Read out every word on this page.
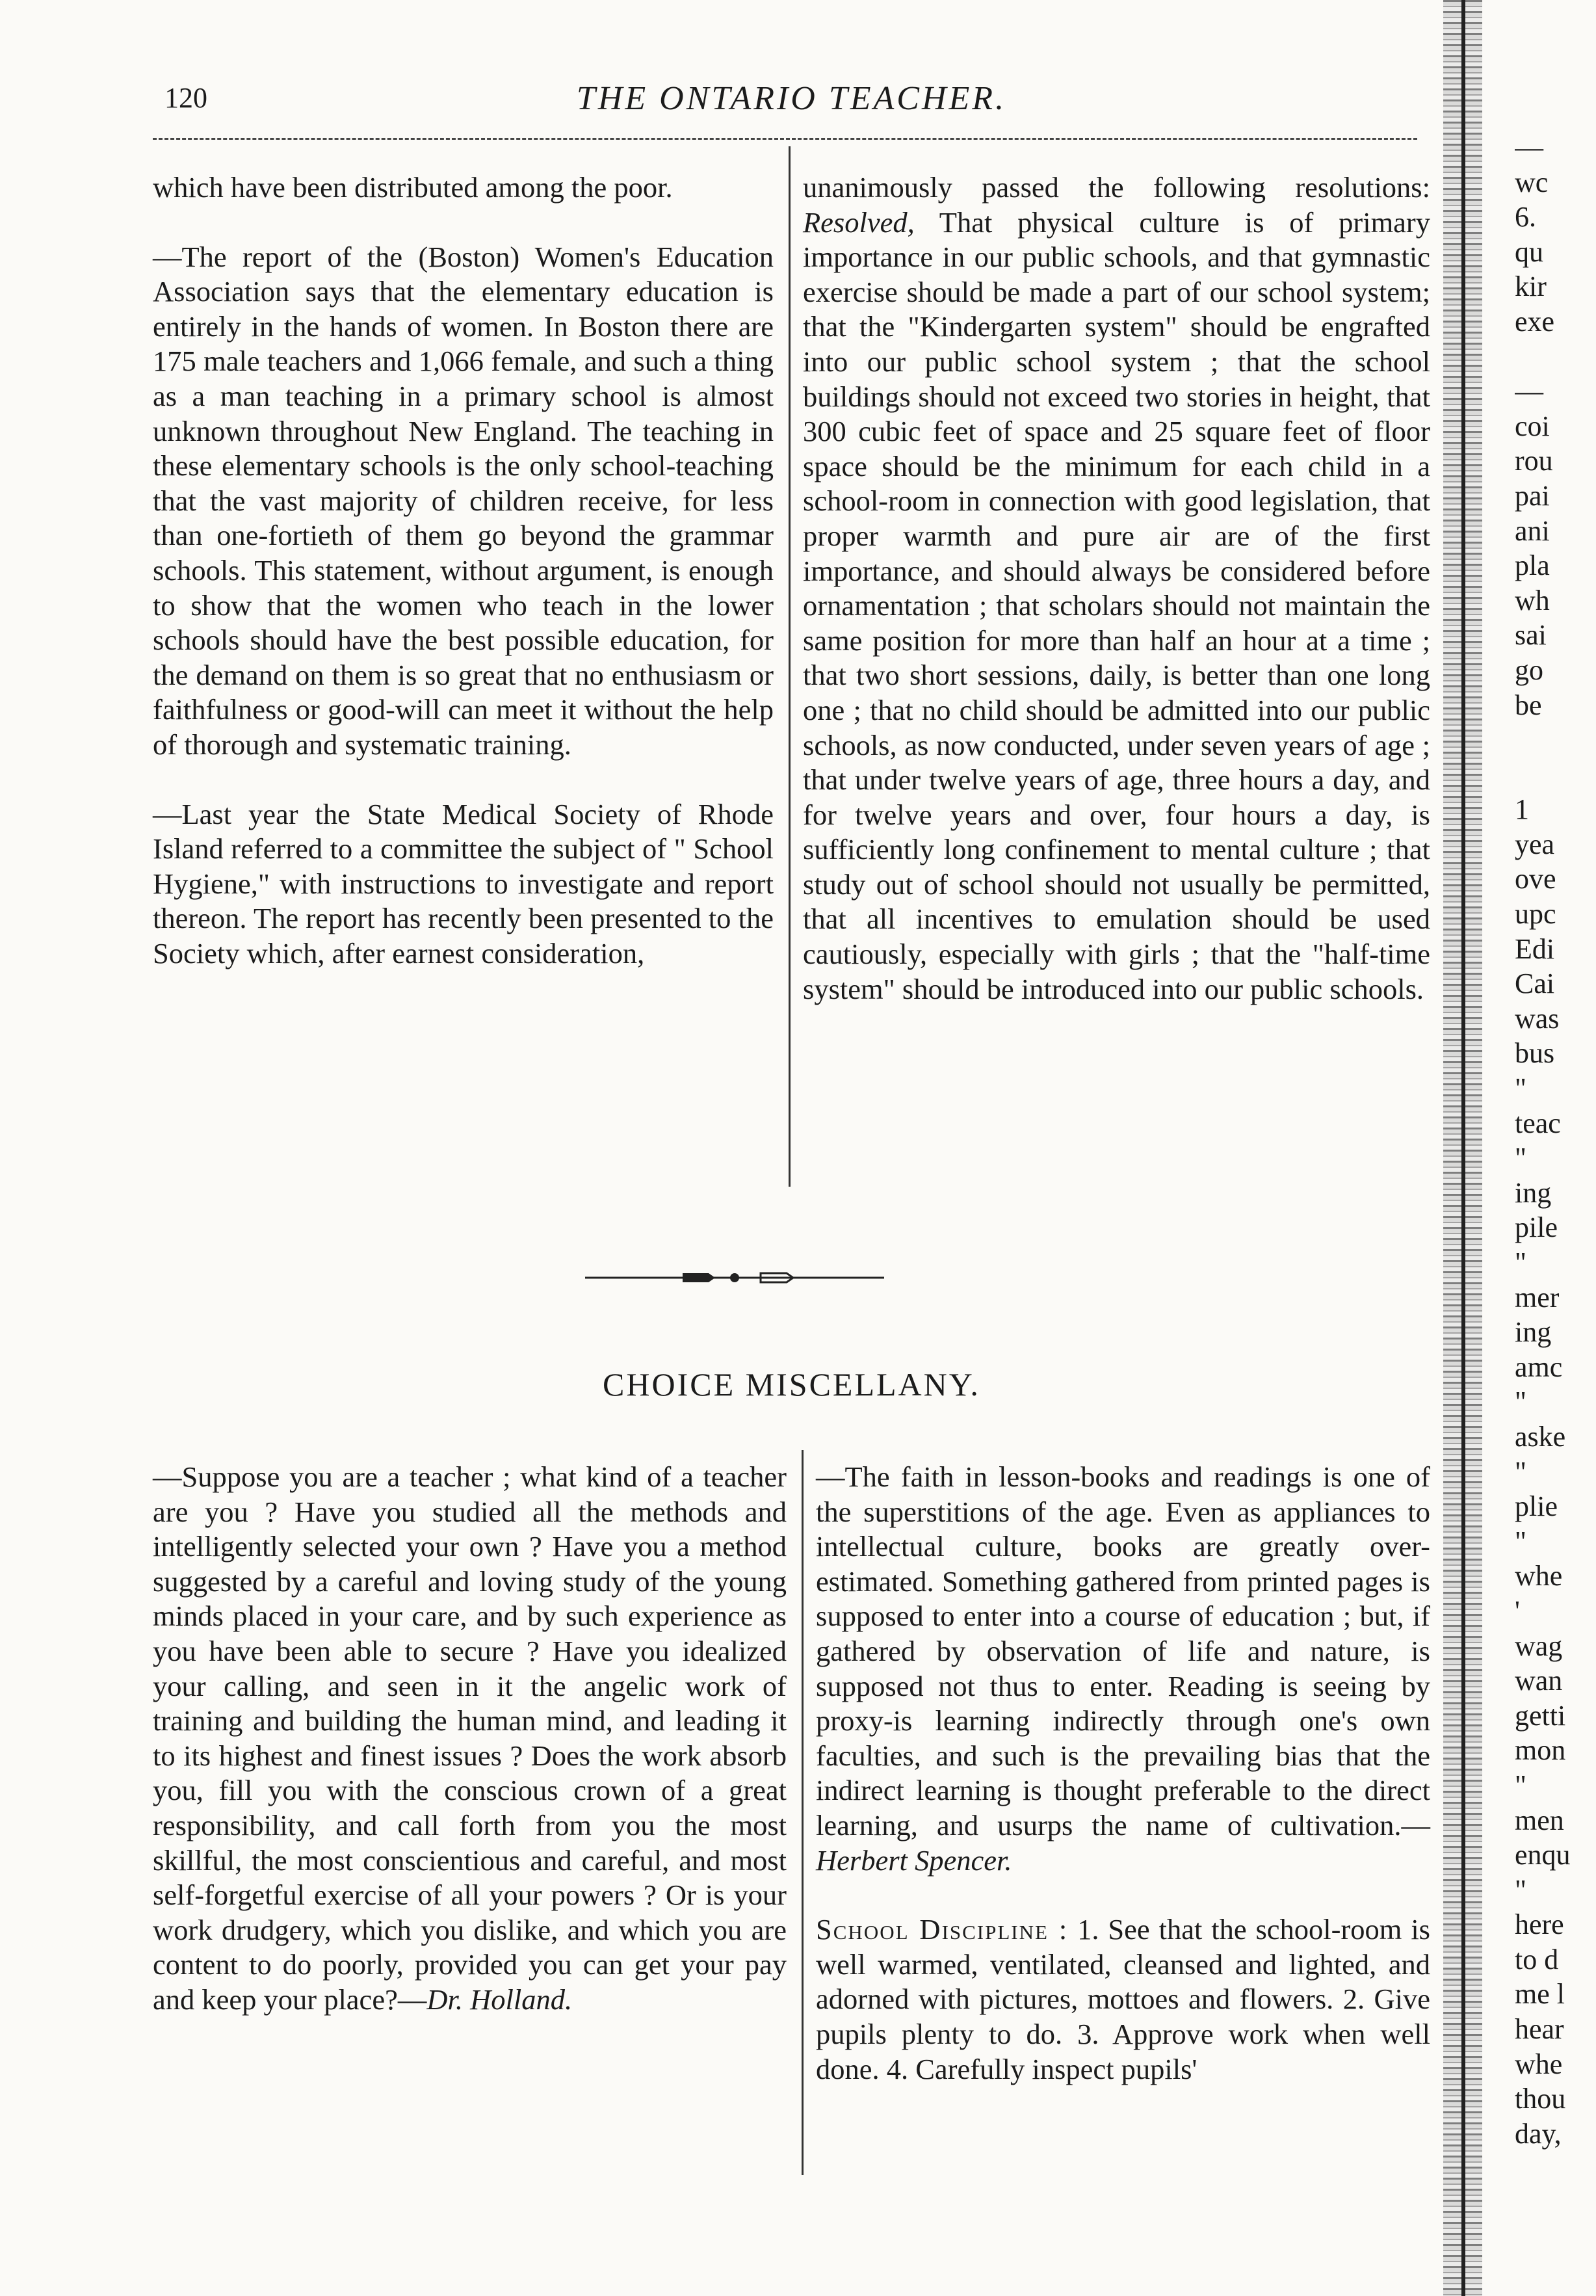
120	THE ONTARIO TEACHER.

which have been distributed among the poor.

—The report of the (Boston) Women's Education Association says that the elementary education is entirely in the hands of women. In Boston there are 175 male teachers and 1,066 female, and such a thing as a man teaching in a primary school is almost unknown throughout New England. The teaching in these elementary schools is the only school-teaching that the vast majority of children receive, for less than one-fortieth of them go beyond the grammar schools. This statement, without argument, is enough to show that the women who teach in the lower schools should have the best possible education, for the demand on them is so great that no enthusiasm or faithfulness or good-will can meet it without the help of thorough and systematic training.

—Last year the State Medical Society of Rhode Island referred to a committee the subject of " School Hygiene," with instructions to investigate and report thereon. The report has recently been presented to the Society which, after earnest consideration,

unanimously passed the following resolutions: Resolved, That physical culture is of primary importance in our public schools, and that gymnastic exercise should be made a part of our school system; that the "Kindergarten system" should be engrafted into our public school system ; that the school buildings should not exceed two stories in height, that 300 cubic feet of space and 25 square feet of floor space should be the minimum for each child in a school-room in connection with good legislation, that proper warmth and pure air are of the first importance, and should always be considered before ornamentation ; that scholars should not maintain the same position for more than half an hour at a time ; that two short sessions, daily, is better than one long one ; that no child should be admitted into our public schools, as now conducted, under seven years of age ; that under twelve years of age, three hours a day, and for twelve years and over, four hours a day, is sufficiently long confinement to mental culture ; that study out of school should not usually be permitted, that all incentives to emulation should be used cautiously, especially with girls ; that the "half-time system" should be introduced into our public schools.

CHOICE MISCELLANY.

—Suppose you are a teacher ; what kind of a teacher are you ? Have you studied all the methods and intelligently selected your own ? Have you a method suggested by a careful and loving study of the young minds placed in your care, and by such experience as you have been able to secure ? Have you idealized your calling, and seen in it the angelic work of training and building the human mind, and leading it to its highest and finest issues ? Does the work absorb you, fill you with the conscious crown of a great responsibility, and call forth from you the most skillful, the most conscientious and careful, and most self-forgetful exercise of all your powers ? Or is your work drudgery, which you dislike, and which you are content to do poorly, provided you can get your pay and keep your place?—Dr. Holland.

—The faith in lesson-books and readings is one of the superstitions of the age. Even as appliances to intellectual culture, books are greatly over-estimated. Something gathered from printed pages is supposed to enter into a course of education ; but, if gathered by observation of life and nature, is supposed not thus to enter. Reading is seeing by proxy-is learning indirectly through one's own faculties, and such is the prevailing bias that the indirect learning is thought preferable to the direct learning, and usurps the name of cultivation.—Herbert Spencer.

School Discipline : 1. See that the school-room is well warmed, ventilated, cleansed and lighted, and adorned with pictures, mottoes and flowers. 2. Give pupils plenty to do. 3. Approve work when well done. 4. Carefully inspect pupils'

—
wc
6.
qu
kir
exe
—
coi
rou
pai
ani
pla
wh
sai
go
be
1
yea
ove
upc
Edi
Cai
was
bus
"
teac
"
ing
pile
"
mer
ing
amc
"
aske
"
plie
"
whe
'
wag
wan
getti
mon
"
men
enqu
"
here
to d
me l
hear
whe
thou
day,
